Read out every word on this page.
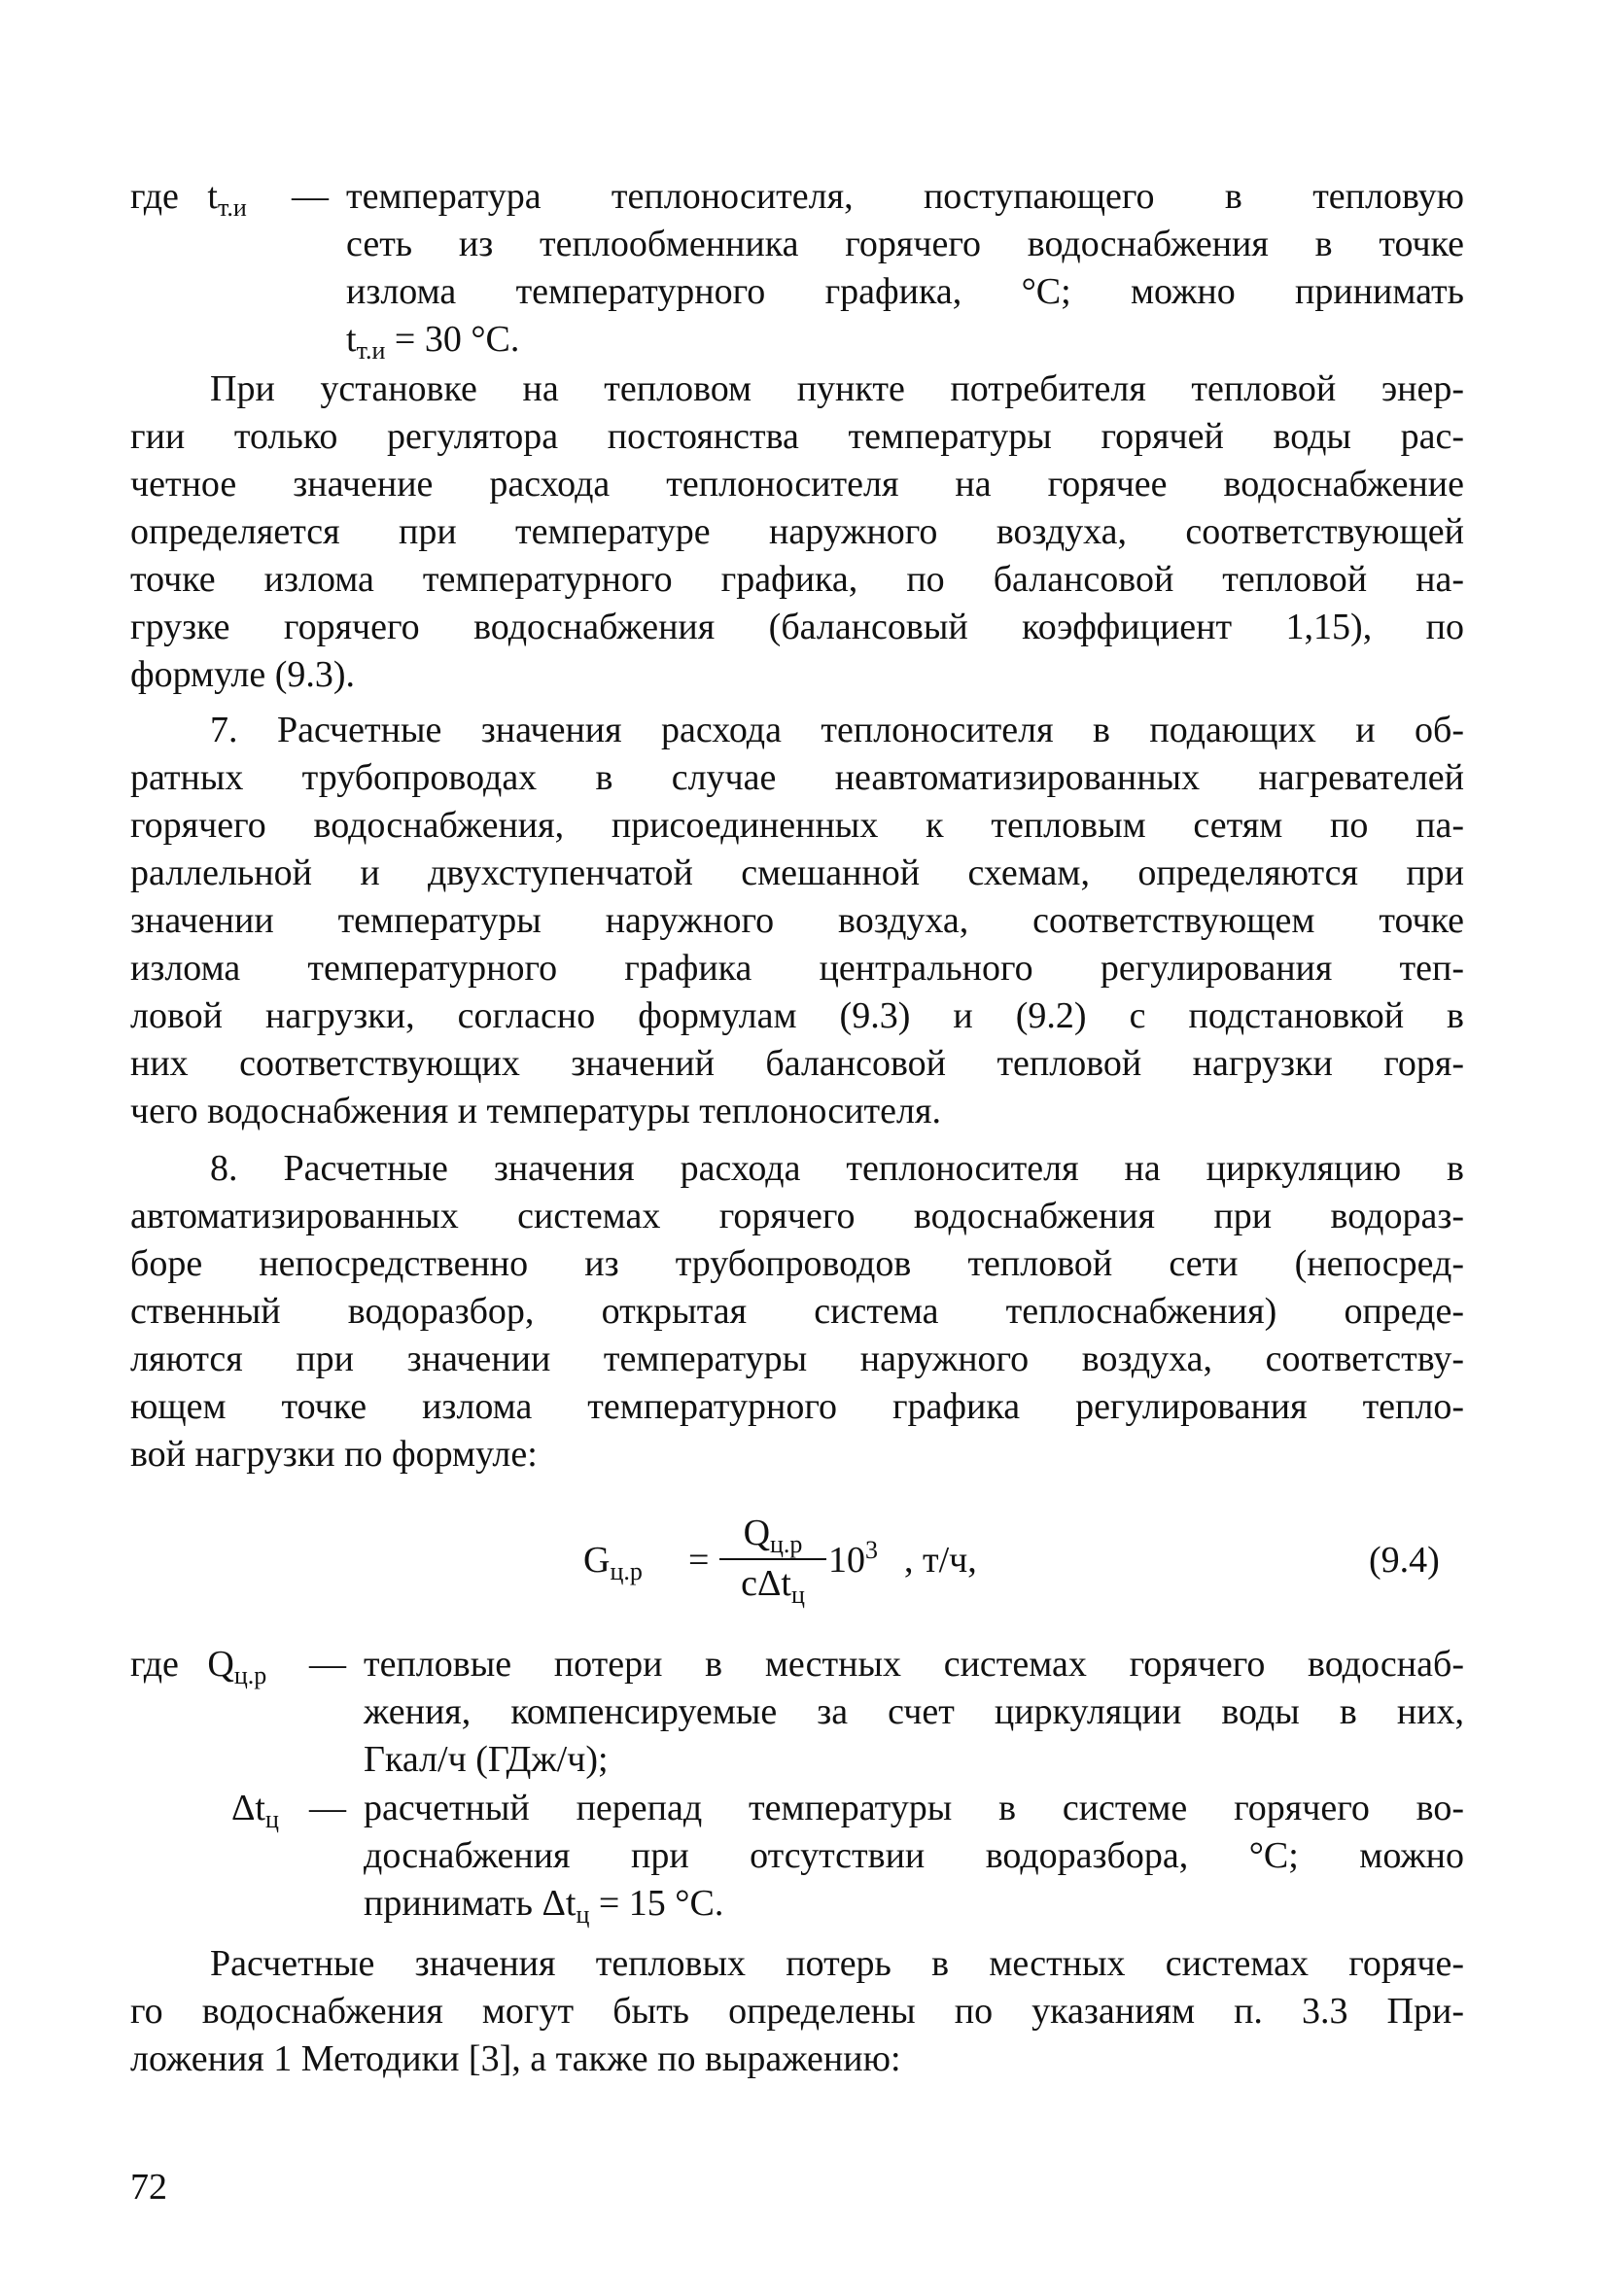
где $t_{т.и}$ — температура теплоносителя, поступающего в тепловую
сеть из теплообменника горячего водоснабжения в точке
излома температурного графика, °C; можно принимать
$t_{т.и} = 30$ °C.
При установке на тепловом пункте потребителя тепловой энер-
гии только регулятора постоянства температуры горячей воды рас-
четное значение расхода теплоносителя на горячее водоснабжение
определяется при температуре наружного воздуха, соответствующей
точке излома температурного графика, по балансовой тепловой на-
грузке горячего водоснабжения (балансовый коэффициент 1,15), по
формуле (9.3).
7. Расчетные значения расхода теплоносителя в подающих и об-
ратных трубопроводах в случае неавтоматизированных нагревателей
горячего водоснабжения, присоединенных к тепловым сетям по па-
раллельной и двухступенчатой смешанной схемам, определяются при
значении температуры наружного воздуха, соответствующем точке
излома температурного графика центрального регулирования теп-
ловой нагрузки, согласно формулам (9.3) и (9.2) с подстановкой в
них соответствующих значений балансовой тепловой нагрузки горя-
чего водоснабжения и температуры теплоносителя.
8. Расчетные значения расхода теплоносителя на циркуляцию в
автоматизированных системах горячего водоснабжения при водораз-
боре непосредственно из трубопроводов тепловой сети (непосред-
ственный водоразбор, открытая система теплоснабжения) опреде-
ляются при значении температуры наружного воздуха, соответству-
ющем точке излома температурного графика регулирования тепло-
вой нагрузки по формуле:
$G_{ц.р}$ =
$Q_{ц.р}$
cΔt$_ц$
$10^3$ , т/ч,	(9.4)
где $Q_{ц.р}$ — тепловые потери в местных системах горячего водоснаб-
жения, компенсируемые за счет циркуляции воды в них,
Гкал/ч (ГДж/ч);
$\Delta t_ц$ — расчетный перепад температуры в системе горячего во-
доснабжения при отсутствии водоразбора, °C; можно
принимать $\Delta t_ц = 15$ °C.
Расчетные значения тепловых потерь в местных системах горяче-
го водоснабжения могут быть определены по указаниям п. 3.3 При-
ложения 1 Методики [3], а также по выражению:
72
